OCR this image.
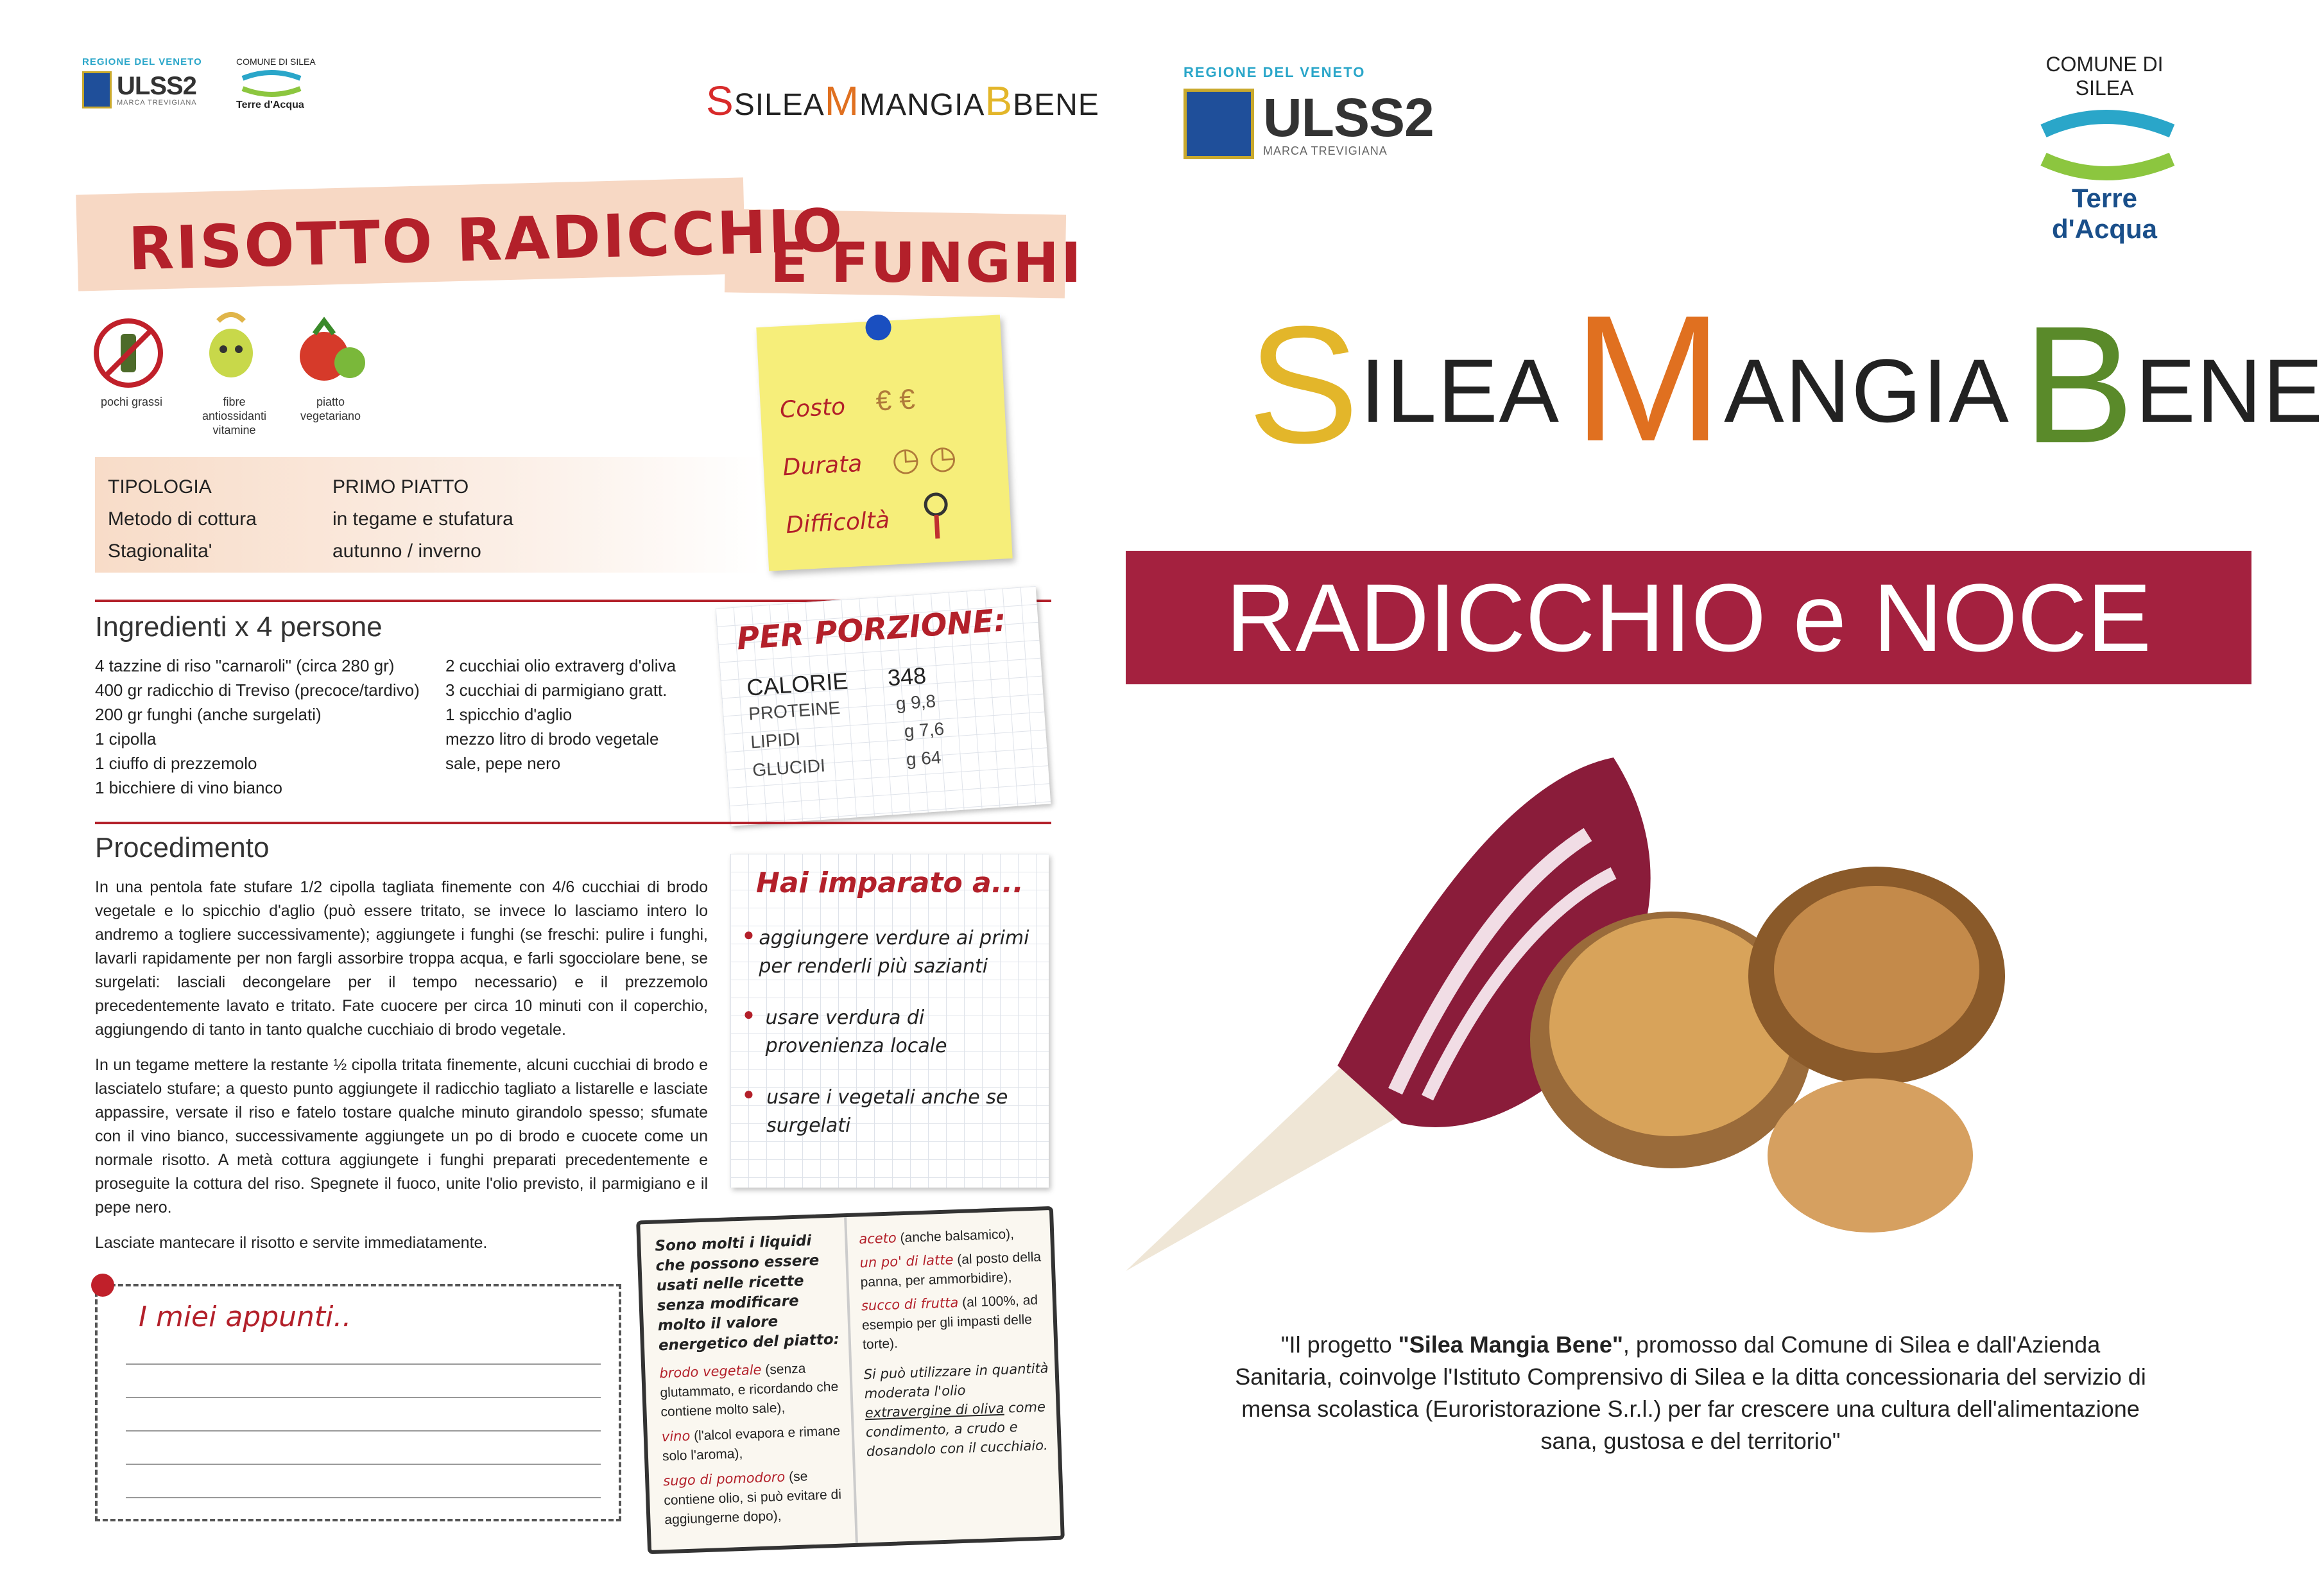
REGIONE DEL VENETO
ULSS2
MARCA TREVIGIANA
COMUNE DI SILEA
Terre d'Acqua	SSILEAMMANGIABBENE
RISOTTO RADICCHIO
E FUNGHI
pochi grassi	fibre antiossidanti vitamine
piatto vegetariano
TIPOLOGIA	PRIMO PIATTO
Metodo di cottura	in tegame e stufatura
Stagionalita'	autunno / inverno
Costo € €
Durata ◷ ◷
Difficoltà
Ingredienti x 4 persone
4 tazzine di riso "carnaroli" (circa 280 gr)
400 gr radicchio di Treviso (precoce/tardivo)
200 gr funghi (anche surgelati)
1 cipolla
1 ciuffo di prezzemolo
1 bicchiere di vino bianco
2 cucchiai olio extraverg d'oliva
3 cucchiai di parmigiano gratt.
1 spicchio d'aglio
mezzo litro di brodo vegetale
sale, pepe nero
PER PORZIONE:
CALORIE	348
PROTEINE	g 9,8
LIPIDI	g 7,6
GLUCIDI	g 64
Procedimento

In una pentola fate stufare 1/2 cipolla tagliata finemente con 4/6 cucchiai di brodo vegetale e lo spicchio d'aglio (può essere tritato, se invece lo lasciamo intero lo andremo a togliere successivamente); aggiungete i funghi (se freschi: pulire i funghi, lavarli rapidamente per non fargli assorbire troppa acqua, e farli sgocciolare bene, se surgelati: lasciali decongelare per il tempo necessario) e il prezzemolo precedentemente lavato e tritato. Fate cuocere per circa 10 minuti con il coperchio, aggiungendo di tanto in tanto qualche cucchiaio di brodo vegetale.

In un tegame mettere la restante ½ cipolla tritata finemente, alcuni cucchiai di brodo e lasciatelo stufare; a questo punto aggiungete il radicchio tagliato a listarelle e lasciate appassire, versate il riso e fatelo tostare qualche minuto girandolo spesso; sfumate con il vino bianco, successivamente aggiungete un po di brodo e cuocete come un normale risotto. A metà cottura aggiungete i funghi preparati precedentemente e proseguite la cottura del riso. Spegnete il fuoco, unite l'olio previsto, il parmigiano e il pepe nero.

Lasciate mantecare il risotto e servite immediatamente.

Hai imparato a...
● aggiungere verdure ai primi per renderli più sazianti
● usare verdura di provenienza locale
● usare i vegetali anche se surgelati
I miei appunti..
Sono molti i liquidi che possono essere usati nelle ricette senza modificare molto il valore energetico del piatto:
brodo vegetale (senza glutammato, e ricordando che contiene molto sale),
vino (l'alcol evapora e rimane solo l'aroma),
sugo di pomodoro (se contiene olio, si può evitare di aggiungerne dopo),
aceto (anche balsamico),
un po' di latte (al posto della panna, per ammorbidire),
succo di frutta (al 100%, ad esempio per gli impasti delle torte).
Si può utilizzare in quantità moderata l'olio extravergine di oliva come condimento, a crudo e dosandolo con il cucchiaio.
REGIONE DEL VENETO
ULSS2
MARCA TREVIGIANA
COMUNE DI SILEA
Terre d'Acqua
S ILEA M ANGIA B ENE
RADICCHIO e NOCE
"Il progetto "Silea Mangia Bene", promosso dal Comune di Silea e dall'Azienda Sanitaria, coinvolge l'Istituto Comprensivo di Silea e la ditta concessionaria del servizio di mensa scolastica (Euroristorazione S.r.l.) per far crescere una cultura dell'alimentazione sana, gustosa e del territorio"
